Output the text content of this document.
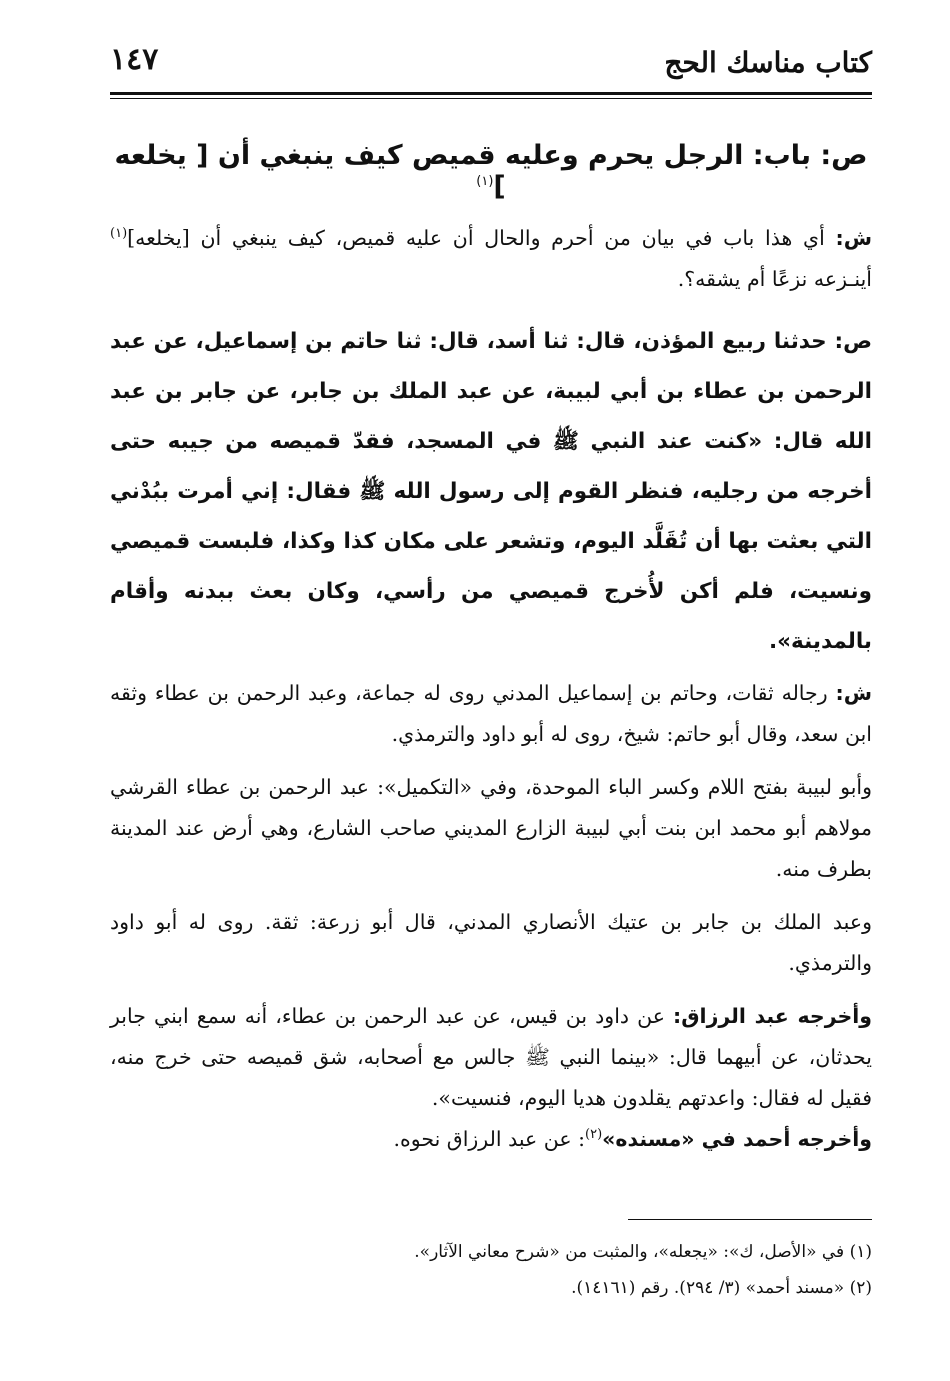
كتاب مناسك الحج
١٤٧
ص: باب: الرجل يحرم وعليه قميص كيف ينبغي أن [ يخلعه ]$^{(١)}$

ش: أي هذا باب في بيان من أحرم والحال أن عليه قميص، كيف ينبغي أن [يخلعه]$^{(١)}$ أينـزعه نزعًا أم يشقه؟.

ص: حدثنا ربيع المؤذن، قال: ثنا أسد، قال: ثنا حاتم بن إسماعيل، عن عبد الرحمن بن عطاء بن أبي لبيبة، عن عبد الملك بن جابر، عن جابر بن عبد الله قال: «كنت عند النبي ﷺ في المسجد، فقدّ قميصه من جيبه حتى أخرجه من رجليه، فنظر القوم إلى رسول الله ﷺ فقال: إني أمرت ببُدْني التي بعثت بها أن تُقَلَّد اليوم، وتشعر على مكان كذا وكذا، فلبست قميصي ونسيت، فلم أكن لأُخرج قميصي من رأسي، وكان بعث ببدنه وأقام بالمدينة».

ش: رجاله ثقات، وحاتم بن إسماعيل المدني روى له جماعة، وعبد الرحمن بن عطاء وثقه ابن سعد، وقال أبو حاتم: شيخ، روى له أبو داود والترمذي.

وأبو لبيبة بفتح اللام وكسر الباء الموحدة، وفي «التكميل»: عبد الرحمن بن عطاء القرشي مولاهم أبو محمد ابن بنت أبي لبيبة الزارع المديني صاحب الشارع، وهي أرض عند المدينة بطرف منه.

وعبد الملك بن جابر بن عتيك الأنصاري المدني، قال أبو زرعة: ثقة. روى له أبو داود والترمذي.

وأخرجه عبد الرزاق: عن داود بن قيس، عن عبد الرحمن بن عطاء، أنه سمع ابني جابر يحدثان، عن أبيهما قال: «بينما النبي ﷺ جالس مع أصحابه، شق قميصه حتى خرج منه، فقيل له فقال: واعدتهم يقلدون هديا اليوم، فنسيت».

وأخرجه أحمد في «مسنده»$^{(٢)}$: عن عبد الرزاق نحوه.

(١) في «الأصل، ك»: «يجعله»، والمثبت من «شرح معاني الآثار».

(٢) «مسند أحمد» (٣/ ٢٩٤). رقم (١٤١٦١).
